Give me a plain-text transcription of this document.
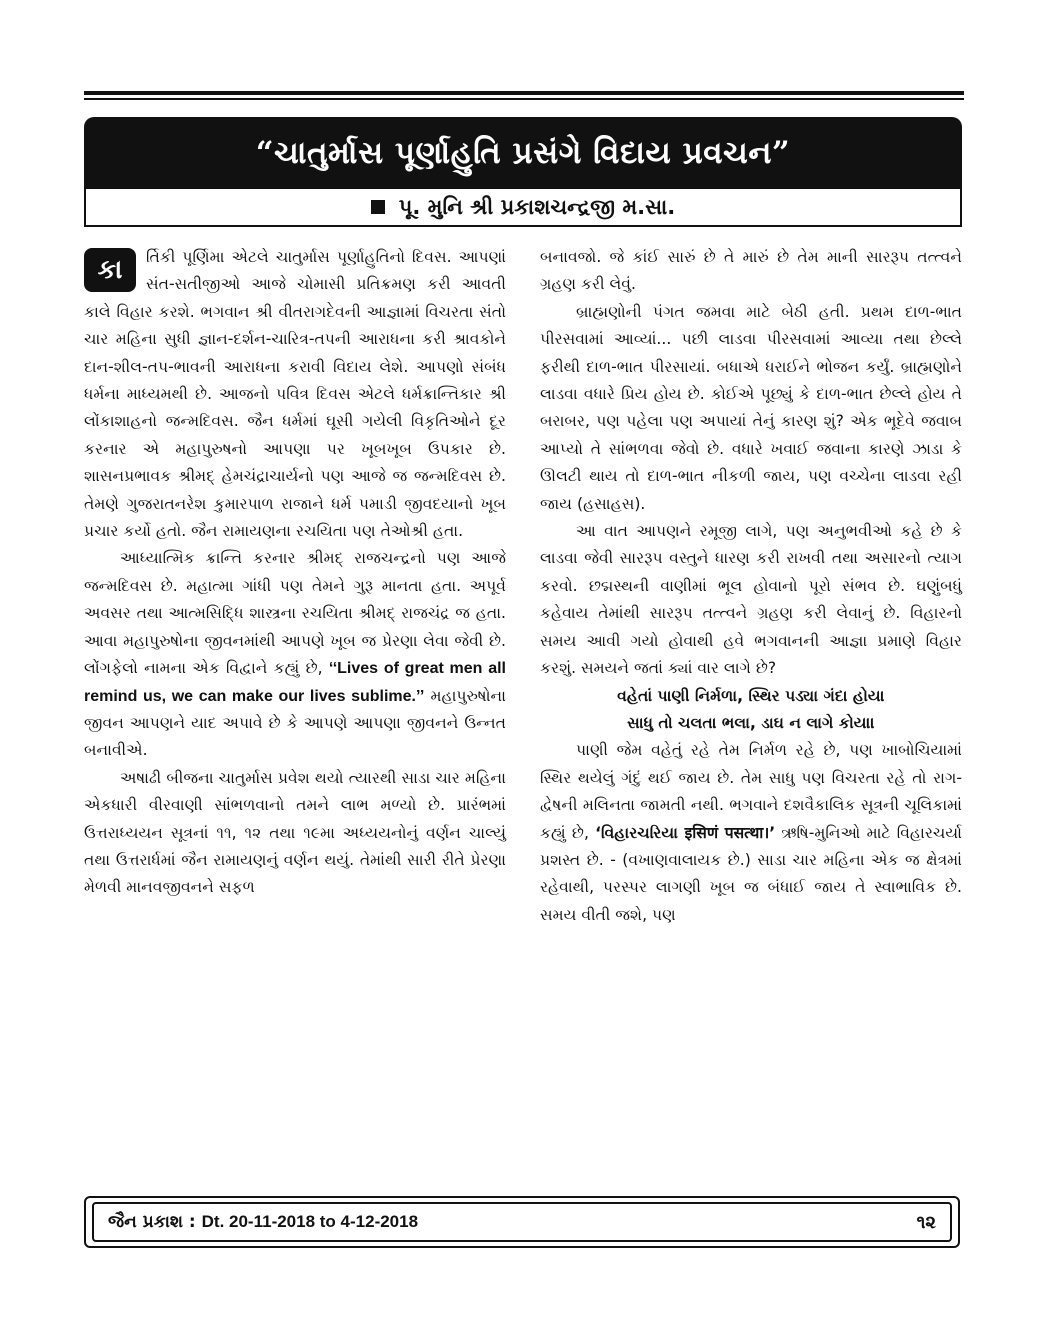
“ચાતુર્માસ પૂર્ણાહુતિ પ્રસંગે વિદાય પ્રવચન”
પૂ. મુનિ શ્રી પ્રકાશચન્દ્રજી મ.સા.

કા	ર્તિકી પૂર્ણિમા એટલે ચાતુર્માસ પૂર્ણાહુતિનો દિવસ. આપણાં સંત-સતીજીઓ આજે ચોમાસી પ્રતિક્રમણ કરી આવતી કાલે વિહાર કરશે. ભગવાન શ્રી વીતરાગદેવની આજ્ઞામાં વિચરતા સંતો ચાર મહિના સુધી જ્ઞાન-દર્શન-ચારિત્ર-તપની આરાધના કરી શ્રાવકોને દાન-શીલ-તપ-ભાવની આરાધના કરાવી વિદાય લેશે. આપણો સંબંધ ધર્મના માધ્યમથી છે. આજનો પવિત્ર દિવસ એટલે ધર્મક્રાન્તિકાર શ્રી લોંકાશાહનો જન્મદિવસ. જૈન ધર્મમાં ઘૂસી ગયેલી વિકૃતિઓને દૂર કરનાર એ મહાપુરુષનો આપણા પર ખૂબખૂબ ઉપકાર છે. શાસનપ્રભાવક શ્રીમદ્ હેમચંદ્રાચાર્યનો પણ આજે જ જન્મદિવસ છે. તેમણે ગુજરાતનરેશ કુમારપાળ રાજાને ધર્મ પમાડી જીવદયાનો ખૂબ પ્રચાર કર્યો હતો. જૈન રામાયણના રચયિતા પણ તેઓશ્રી હતા.

આધ્યાત્મિક ક્રાન્તિ કરનાર શ્રીમદ્ રાજચન્દ્રનો પણ આજે જન્મદિવસ છે. મહાત્મા ગાંધી પણ તેમને ગુરૂ માનતા હતા. અપૂર્વ અવસર તથા આત્મસિદ્ધિ શાસ્ત્રના રચયિતા શ્રીમદ્ રાજચંદ્ર જ હતા. આવા મહાપુરુષોના જીવનમાંથી આપણે ખૂબ જ પ્રેરણા લેવા જેવી છે. લોંગફેલો નામના એક વિદ્વાને કહ્યું છે, ‘‘Lives of great men all remind us, we can make our lives sublime.’’ મહાપુરુષોના જીવન આપણને યાદ અપાવે છે કે આપણે આપણા જીવનને ઉન્નત બનાવીએ.

અષાઢી બીજના ચાતુર્માસ પ્રવેશ થયો ત્યારથી સાડા ચાર મહિના એકધારી વીરવાણી સાંભળવાનો તમને લાભ મળ્યો છે. પ્રારંભમાં ઉત્તરાધ્યયન સૂત્રનાં ૧૧, ૧૨ તથા ૧૯મા અધ્યયનોનું વર્ણન ચાલ્યું તથા ઉત્તરાર્ધમાં જૈન રામાયણનું વર્ણન થયું. તેમાંથી સારી રીતે પ્રેરણા મેળવી માનવજીવનને સફળ

બનાવજો. જે કાંઈ સારું છે તે મારું છે તેમ માની સારરૂપ તત્ત્વને ગ્રહણ કરી લેવું.

બ્રાહ્મણોની પંગત જમવા માટે બેઠી હતી. પ્રથમ દાળ-ભાત પીરસવામાં આવ્યાં... પછી લાડવા પીરસવામાં આવ્યા તથા છેલ્લે ફરીથી દાળ-ભાત પીરસાયાં. બધાએ ધરાઈને ભોજન કર્યું. બ્રાહ્મણોને લાડવા વધારે પ્રિય હોય છે. કોઈએ પૂછ્યું કે દાળ-ભાત છેલ્લે હોય તે બરાબર, પણ પહેલા પણ અપાયાં તેનું કારણ શું? એક ભૂદેવે જવાબ આપ્યો તે સાંભળવા જેવો છે. વધારે ખવાઈ જવાના કારણે ઝાડા કે ઊલટી થાય તો દાળ-ભાત નીકળી જાય, પણ વચ્ચેના લાડવા રહી જાય (હસાહસ).

આ વાત આપણને રમૂજી લાગે, પણ અનુભવીઓ કહે છે કે લાડવા જેવી સારરૂપ વસ્તુને ધારણ કરી રાખવી તથા અસારનો ત્યાગ કરવો. છદ્મસ્થની વાણીમાં ભૂલ હોવાનો પૂરો સંભવ છે. ઘણુંબધું કહેવાય તેમાંથી સારરૂપ તત્ત્વને ગ્રહણ કરી લેવાનું છે. વિહારનો સમય આવી ગયો હોવાથી હવે ભગવાનની આજ્ઞા પ્રમાણે વિહાર કરશું. સમયને જતાં ક્યાં વાર લાગે છે?

વહેતાં પાણી નિર્મળા, સ્થિર પડ્યા ગંદા હોય।

સાધુ તો ચલતા ભલા, ડાઘ ન લાગે કોય।।

પાણી જેમ વહેતું રહે તેમ નિર્મળ રહે છે, પણ ખાબોચિયામાં સ્થિર થયેલું ગંદું થઈ જાય છે. તેમ સાધુ પણ વિચરતા રહે તો રાગ-દ્વેષની મલિનતા જામતી નથી. ભગવાને દશવૈકાલિક સૂત્રની ચૂલિકામાં કહ્યું છે, ‘વિહારચરિયા इसिणं पसत्था।’ ઋષિ-મુનિઓ માટે વિહારચર્યા પ્રશસ્ત છે. - (વખાણવાલાયક છે.) સાડા ચાર મહિના એક જ ક્ષેત્રમાં રહેવાથી, પરસ્પર લાગણી ખૂબ જ બંધાઈ જાય તે સ્વાભાવિક છે. સમય વીતી જશે, પણ

જૈન પ્રકાશ : Dt. 20-11-2018 to 4-12-2018	૧૨
